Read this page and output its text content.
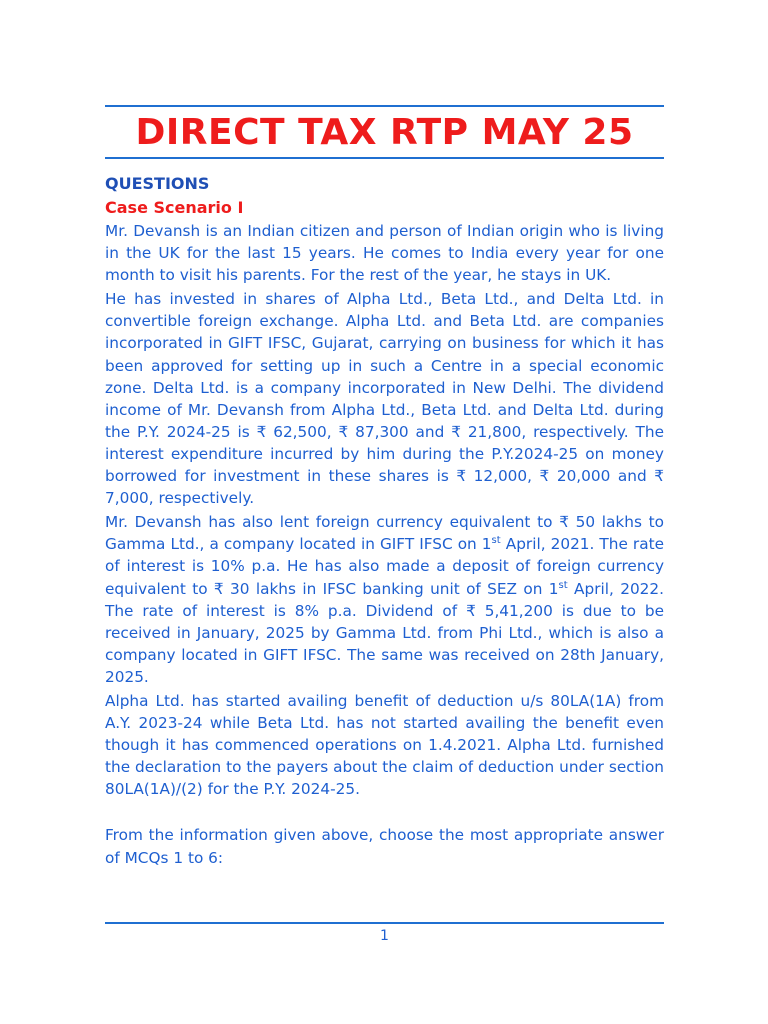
DIRECT TAX RTP MAY 25
QUESTIONS
Case Scenario I

Mr. Devansh is an Indian citizen and person of Indian origin who is living in the UK for the last 15 years. He comes to India every year for one month to visit his parents. For the rest of the year, he stays in UK.

He has invested in shares of Alpha Ltd., Beta Ltd., and Delta Ltd. in convertible foreign exchange. Alpha Ltd. and Beta Ltd. are companies incorporated in GIFT IFSC, Gujarat, carrying on business for which it has been approved for setting up in such a Centre in a special economic zone. Delta Ltd. is a company incorporated in New Delhi. The dividend income of Mr. Devansh from Alpha Ltd., Beta Ltd. and Delta Ltd. during the P.Y. 2024-25 is ₹ 62,500, ₹ 87,300 and ₹ 21,800, respectively. The interest expenditure incurred by him during the P.Y.2024-25 on money borrowed for investment in these shares is ₹ 12,000, ₹ 20,000 and ₹ 7,000, respectively.

Mr. Devansh has also lent foreign currency equivalent to ₹ 50 lakhs to Gamma Ltd., a company located in GIFT IFSC on 1st April, 2021. The rate of interest is 10% p.a. He has also made a deposit of foreign currency equivalent to ₹ 30 lakhs in IFSC banking unit of SEZ on 1st April, 2022. The rate of interest is 8% p.a. Dividend of ₹ 5,41,200 is due to be received in January, 2025 by Gamma Ltd. from Phi Ltd., which is also a company located in GIFT IFSC. The same was received on 28th January, 2025.

Alpha Ltd. has started availing benefit of deduction u/s 80LA(1A) from A.Y. 2023-24 while Beta Ltd. has not started availing the benefit even though it has commenced operations on 1.4.2021. Alpha Ltd. furnished the declaration to the payers about the claim of deduction under section 80LA(1A)/(2) for the P.Y. 2024-25.

From the information given above, choose the most appropriate answer of MCQs 1 to 6:

1
